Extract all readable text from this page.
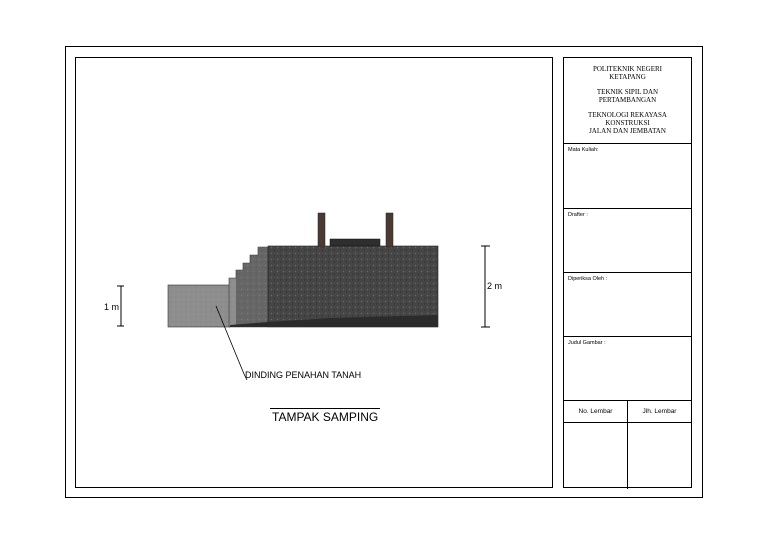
1 m
2 m
DINDING PENAHAN TANAH
TAMPAK SAMPING
POLITEKNIK NEGERI
KETAPANG
TEKNIK SIPIL DAN
PERTAMBANGAN
TEKNOLOGI REKAYASA
KONSTRUKSI
JALAN DAN JEMBATAN
Mata Kuliah:
Drafter :
Diperiksa Oleh :
Judul Gambar :
No. Lembar	Jlh. Lembar
